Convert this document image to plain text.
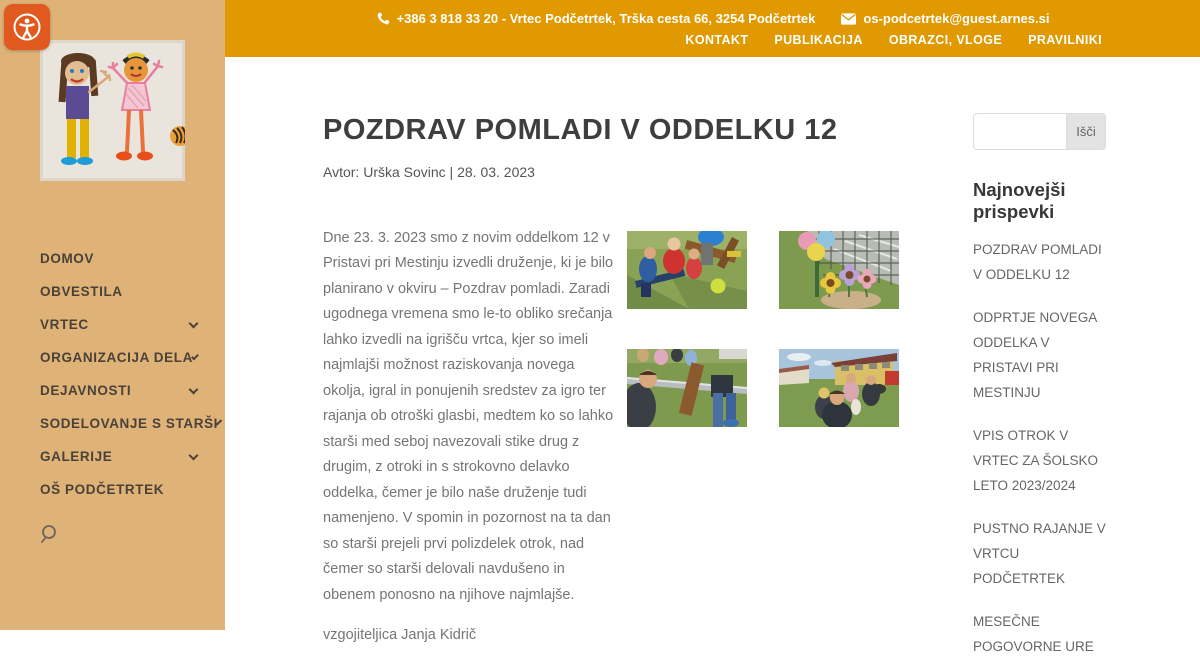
DOMOV
OBVESTILA
VRTEC
ORGANIZACIJA DELA
DEJAVNOSTI
SODELOVANJE S STARŠI
GALERIJE
OŠ PODČETRTEK
+386 3 818 33 20 - Vrtec Podčetrtek, Trška cesta 66, 3254 Podčetrtek	os-podcetrtek@guest.arnes.si
KONTAKT PUBLIKACIJA OBRAZCI, VLOGE PRAVILNIKI
POZDRAV POMLADI V ODDELKU 12
Avtor: Urška Sovinc | 28. 03. 2023

Dne 23. 3. 2023 smo z novim oddelkom 12 v Pristavi pri Mestinju izvedli druženje, ki je bilo planirano v okviru – Pozdrav pomladi. Zaradi ugodnega vremena smo le-to obliko srečanja lahko izvedli na igrišču vrtca, kjer so imeli najmlajši možnost raziskovanja novega okolja, igral in ponujenih sredstev za igro ter rajanja ob otroški glasbi, medtem ko so lahko starši med seboj navezovali stike drug z drugim, z otroki in s strokovno delavko oddelka, čemer je bilo naše druženje tudi namenjeno. V spomin in pozornost na ta dan so starši prejeli prvi polizdelek otrok, nad čemer so starši delovali navdušeno in obenem ponosno na njihove najmlajše.

vzgojiteljica Janja Kidrič

Išči
Najnovejši prispevki
POZDRAV POMLADI V ODDELKU 12
ODPRTJE NOVEGA ODDELKA V PRISTAVI PRI MESTINJU
VPIS OTROK V VRTEC ZA ŠOLSKO LETO 2023/2024
PUSTNO RAJANJE V VRTCU PODČETRTEK
MESEČNE POGOVORNE URE
